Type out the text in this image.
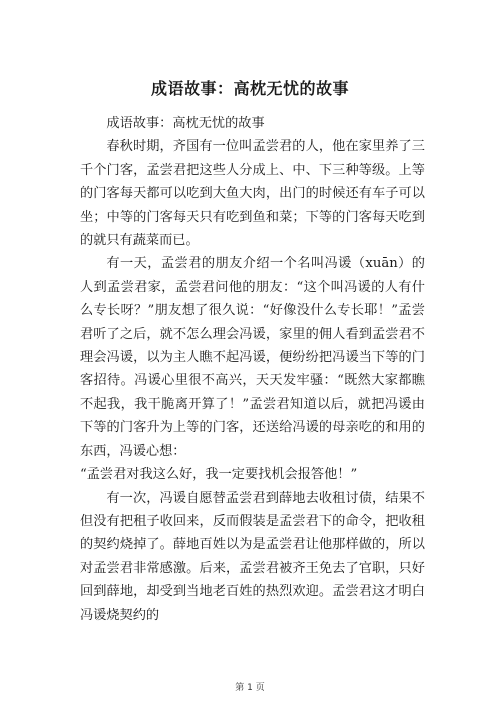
成语故事：高枕无忧的故事

成语故事：高枕无忧的故事

春秋时期，齐国有一位叫孟尝君的人，他在家里养了三千个门客，孟尝君把这些人分成上、中、下三种等级。上等的门客每天都可以吃到大鱼大肉，出门的时候还有车子可以坐；中等的门客每天只有吃到鱼和菜；下等的门客每天吃到的就只有蔬菜而已。

有一天，孟尝君的朋友介绍一个名叫冯谖（xuān）的人到孟尝君家，孟尝君问他的朋友：“这个叫冯谖的人有什么专长呀？”朋友想了很久说：“好像没什么专长耶！”孟尝君听了之后，就不怎么理会冯谖，家里的佣人看到孟尝君不理会冯谖，以为主人瞧不起冯谖，便纷纷把冯谖当下等的门客招待。冯谖心里很不高兴，天天发牢骚：“既然大家都瞧不起我，我干脆离开算了！”孟尝君知道以后，就把冯谖由下等的门客升为上等的门客，还送给冯谖的母亲吃的和用的东西，冯谖心想：

“孟尝君对我这么好，我一定要找机会报答他！”

有一次，冯谖自愿替孟尝君到薛地去收租讨债，结果不但没有把租子收回来，反而假装是孟尝君下的命令，把收租的契约烧掉了。薛地百姓以为是孟尝君让他那样做的，所以对孟尝君非常感激。后来，孟尝君被齐王免去了官职，只好回到薛地，却受到当地老百姓的热烈欢迎。孟尝君这才明白冯谖烧契约的

第 1 页
